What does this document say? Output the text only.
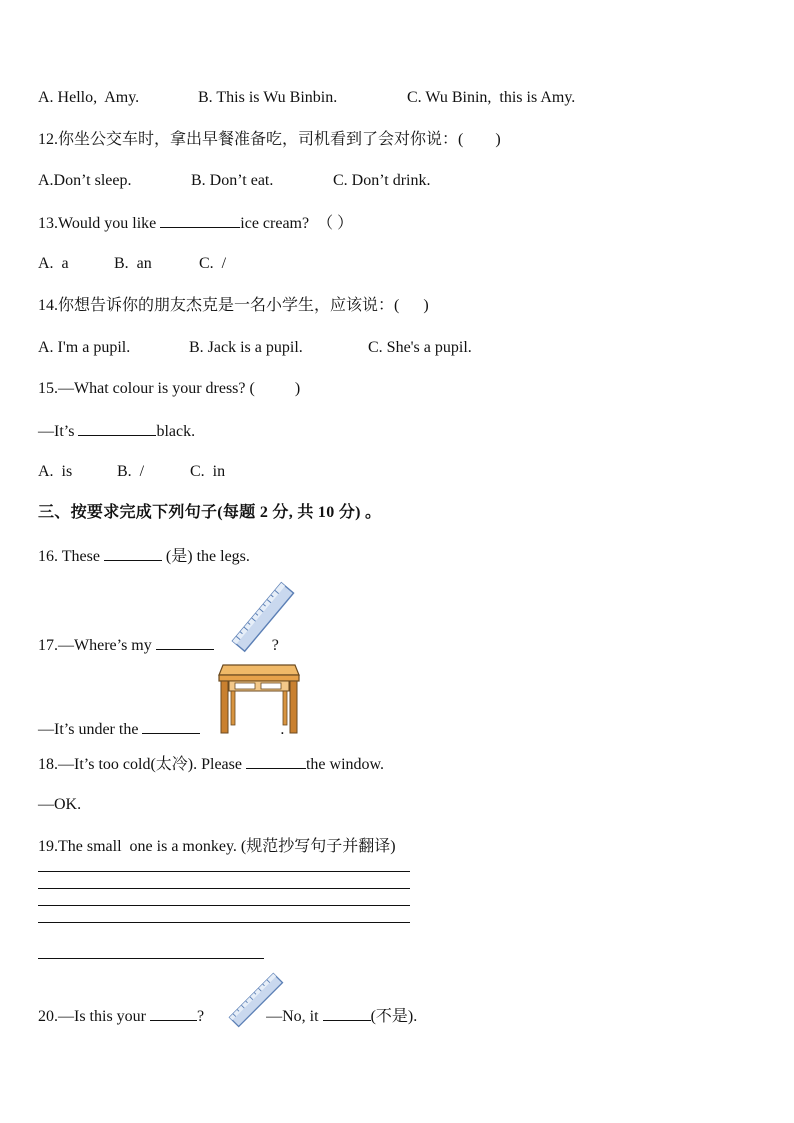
A. Hello,  Amy.	B. This is Wu Binbin.	C. Wu Binin,  this is Amy.
12.你坐公交车时，拿出早餐准备吃，司机看到了会对你说：(        )
A.Don’t sleep.	B. Don’t eat.	C. Don’t drink.
13.Would you like	ice cream?  （ ）
A.  a	B.  an	C.  /
14.你想告诉你的朋友杰克是一名小学生，应该说：(      )
A. I'm a pupil.	B. Jack is a pupil.	C. She's a pupil.
15.—What colour is your dress? (          )
—It’s	black.
A.  is	B.  /	C.  in
三、按要求完成下列句子(每题 2 分, 共 10 分) 。
16. These	(是) the legs.
17.—Where’s my	?
—It’s under the	.
18.—It’s too cold(太冷). Please	the window.
—OK.
19.The small  one is a monkey. (规范抄写句子并翻译)
20.—Is this your	?	—No, it	(不是).
